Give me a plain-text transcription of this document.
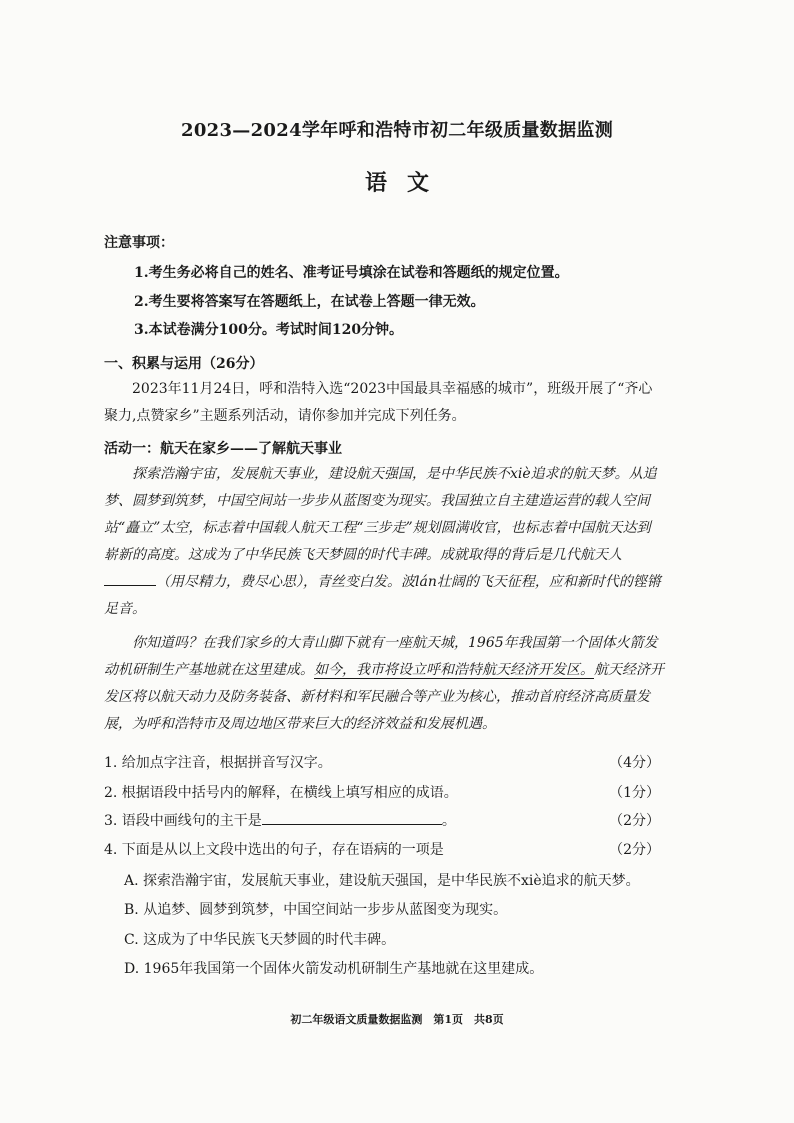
2023—2024学年呼和浩特市初二年级质量数据监测
语文
注意事项：
1.考生务必将自己的姓名、准考证号填涂在试卷和答题纸的规定位置。
2.考生要将答案写在答题纸上，在试卷上答题一律无效。
3.本试卷满分100分。考试时间120分钟。
一、积累与运用（26分）

2023年11月24日，呼和浩特入选“2023中国最具幸福感的城市”，班级开展了“齐心聚力,点赞家乡”主题系列活动，请你参加并完成下列任务。

活动一：航天在家乡——了解航天事业

探索浩瀚宇宙，发展航天事业，建设航天强国，是中华民族不xiè追求的航天梦。从追梦、圆梦到筑梦，中国空间站一步步从蓝图变为现实。我国独立自主建造运营的载人空间站“矗立”太空，标志着中国载人航天工程“三步走”规划圆满收官，也标志着中国航天达到崭新的高度。这成为了中华民族飞天梦圆的时代丰碑。成就取得的背后是几代航天人（用尽精力，费尽心思），青丝变白发。波lán壮阔的飞天征程，应和新时代的铿锵足音。

你知道吗？在我们家乡的大青山脚下就有一座航天城，1965年我国第一个固体火箭发动机研制生产基地就在这里建成。如今，我市将设立呼和浩特航天经济开发区。航天经济开发区将以航天动力及防务装备、新材料和军民融合等产业为核心，推动首府经济高质量发展，为呼和浩特市及周边地区带来巨大的经济效益和发展机遇。

1. 给加点字注音，根据拼音写汉字。	（4分）
2. 根据语段中括号内的解释，在横线上填写相应的成语。	（1分）
3. 语段中画线句的主干是	。	（2分）
4. 下面是从以上文段中选出的句子，存在语病的一项是	（2分）
A. 探索浩瀚宇宙，发展航天事业，建设航天强国，是中华民族不xiè追求的航天梦。
B. 从追梦、圆梦到筑梦，中国空间站一步步从蓝图变为现实。
C. 这成为了中华民族飞天梦圆的时代丰碑。
D. 1965年我国第一个固体火箭发动机研制生产基地就在这里建成。
初二年级语文质量数据监测　第1页　共8页
